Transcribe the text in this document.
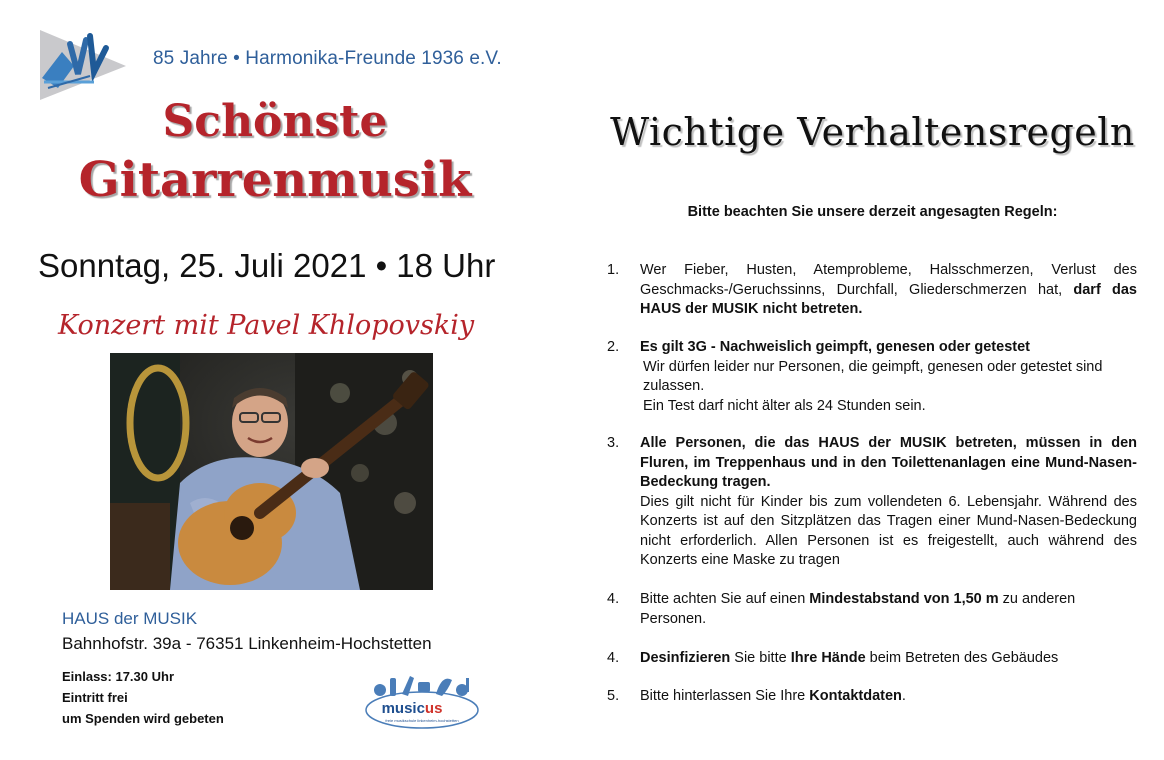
85 Jahre • Harmonika-Freunde 1936 e.V.
Schönste
Gitarrenmusik
Sonntag, 25. Juli 2021 • 18 Uhr
Konzert mit Pavel Khlopovskiy
HAUS der MUSIK
Bahnhofstr. 39a - 76351 Linkenheim-Hochstetten
Einlass: 17.30 Uhr
Eintritt frei
um Spenden wird gebeten
musicus
freie musikschule linkenheim-hochstetten
Wichtige Verhaltensregeln
Bitte beachten Sie unsere derzeit angesagten Regeln:
1.	Wer Fieber, Husten, Atemprobleme, Halsschmerzen, Verlust des Geschmacks-/Geruchssinns, Durchfall, Gliederschmerzen hat, darf das HAUS der MUSIK nicht betreten.
2.	Es gilt 3G - Nachweislich geimpft, genesen oder getestet
Wir dürfen leider nur Personen, die geimpft, genesen oder getestet sind zulassen.
Ein Test darf nicht älter als 24 Stunden sein.
3.	Alle Personen, die das HAUS der MUSIK betreten, müssen in den Fluren, im Treppenhaus und in den Toilettenanlagen eine Mund-Nasen-Bedeckung tragen.
Dies gilt nicht für Kinder bis zum vollendeten 6. Lebensjahr. Während des Konzerts ist auf den Sitzplätzen das Tragen einer Mund-Nasen-Bedeckung nicht erforderlich. Allen Personen ist es freigestellt, auch während des Konzerts eine Maske zu tragen
4.	Bitte achten Sie auf einen Mindestabstand von 1,50 m zu anderen Personen.
4.	Desinfizieren Sie bitte Ihre Hände beim Betreten des Gebäudes
5.	Bitte hinterlassen Sie Ihre Kontaktdaten.
